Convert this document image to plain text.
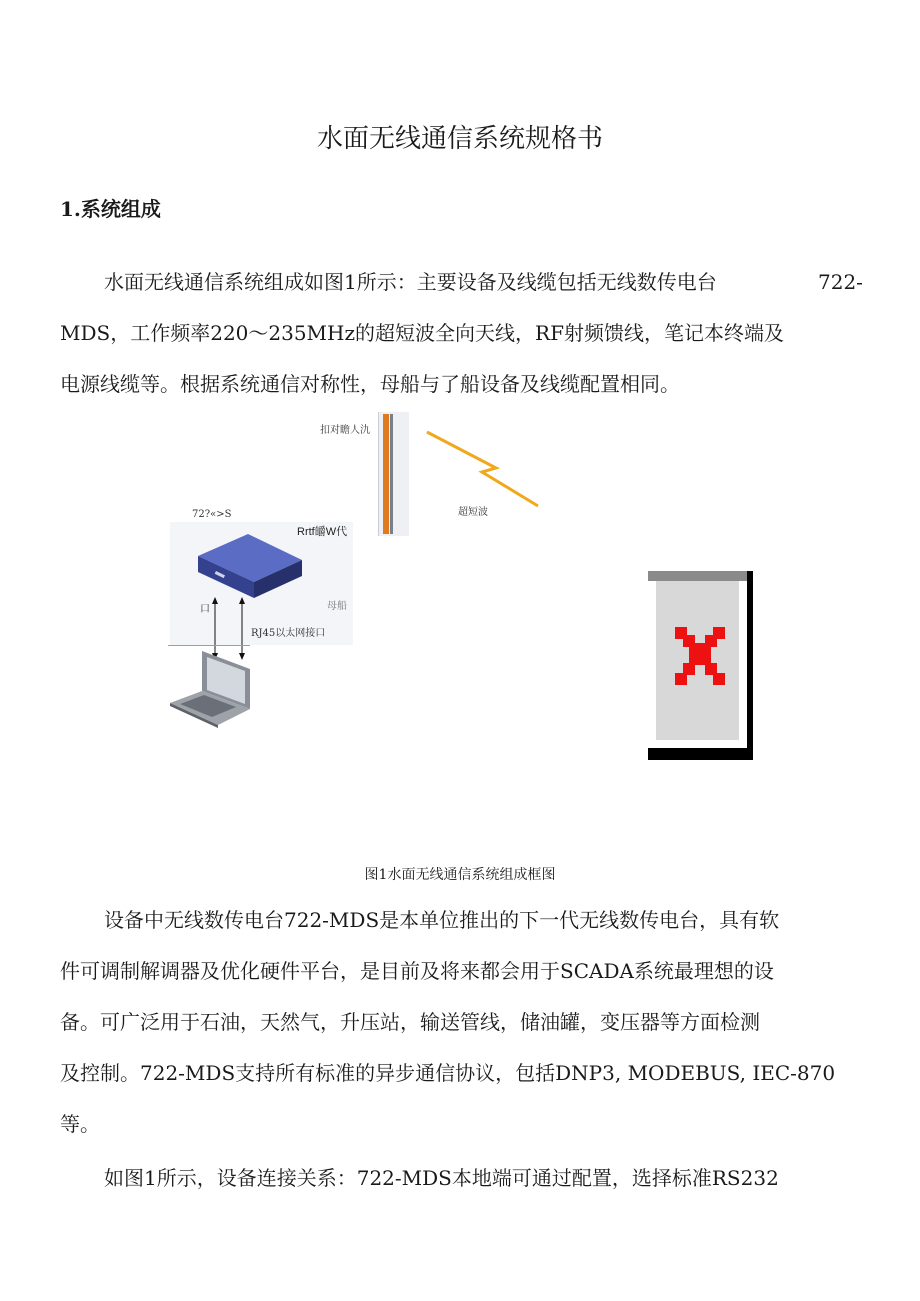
水面无线通信系统规格书
1.系统组成
水面无线通信系统组成如图1所示：主要设备及线缆包括无线数传电台	722-
MDS，工作频率220～235MHz的超短波全向天线，RF射频馈线，笔记本终端及
电源线缆等。根据系统通信对称性，母船与了船设备及线缆配置相同。
扣对瞻人氿
超短波
72?«>S
Rrtf皭W代
口	母船
RJ45以太网接口
图1水面无线通信系统组成框图
设备中无线数传电台722-MDS是本单位推出的下一代无线数传电台，具有软
件可调制解调器及优化硬件平台，是目前及将来都会用于SCADA系统最理想的设
备。可广泛用于石油，天然气，升压站，输送管线，储油罐，变压器等方面检测
及控制。722-MDS支持所有标准的异步通信协议，包括DNP3, MODEBUS, IEC-870
等。
如图1所示，设备连接关系：722-MDS本地端可通过配置，选择标准RS232
